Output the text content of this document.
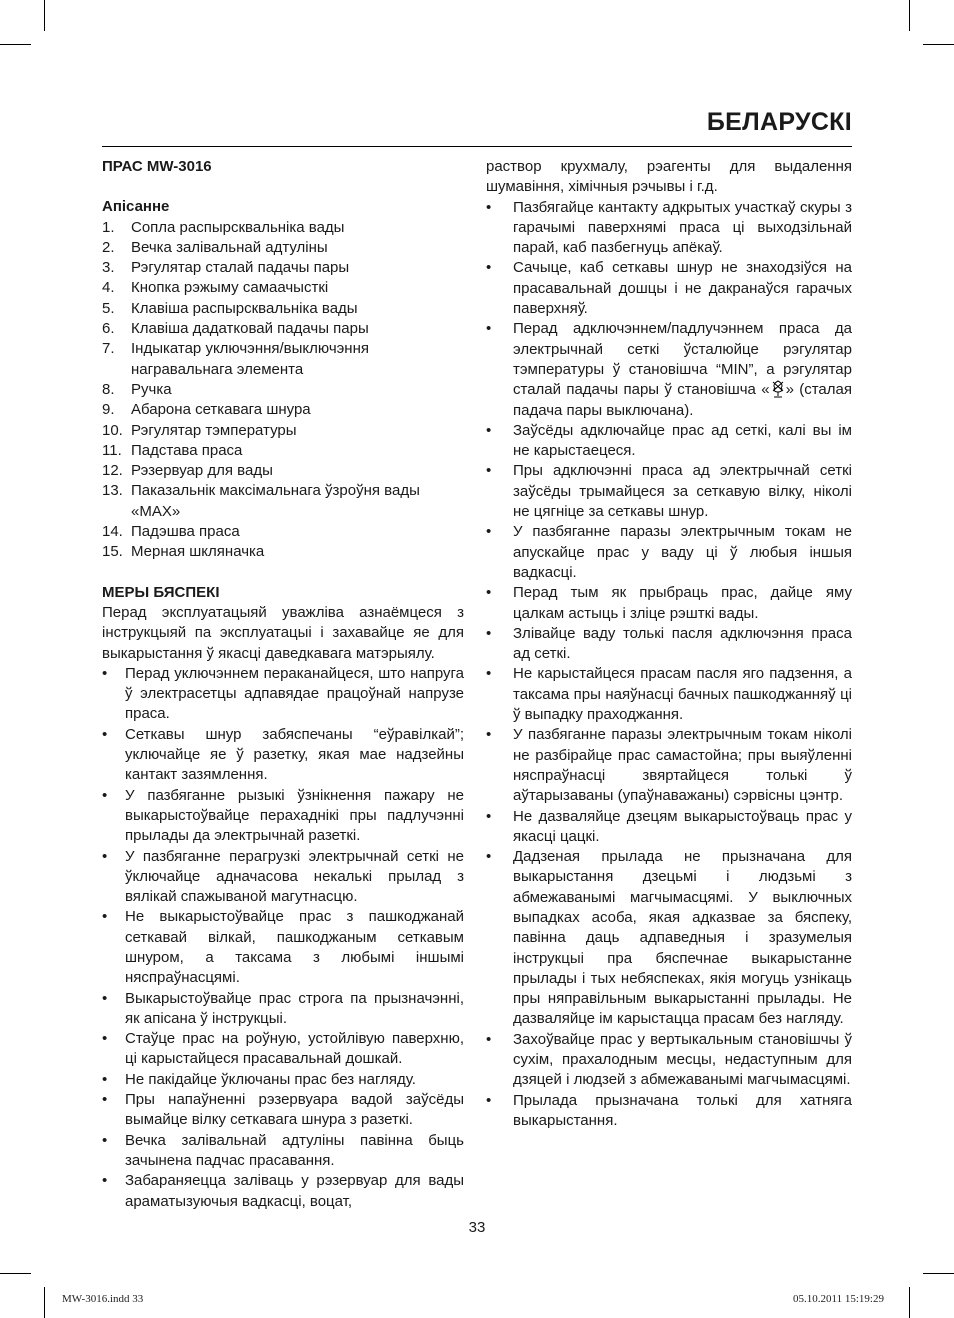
БЕЛАРУСКІ
ПРАС MW-3016
Апісанне
1.	Сопла распырсквальніка вады
2.	Вечка залівальнай адтуліны
3.	Рэгулятар сталай падачы пары
4.	Кнопка рэжыму самаачысткі
5.	Клавіша распырсквальніка вады
6.	Клавіша дадатковай падачы пары
7.	Індыкатар уключэння/выключэння награвальнага элемента
8.	Ручка
9.	Абарона сеткавага шнура
10. Рэгулятар тэмпературы
11. Падстава праса
12. Рэзервуар для вады
13. Паказальнік максімальнага ўзроўня вады «MAX»
14. Падэшва праса
15. Мерная шкляначка
МЕРЫ БЯСПЕКІ
Перад эксплуатацыяй уважліва азнаёмцеся з інструкцыяй па эксплуатацыі і захавайце яе для выкарыстання ў якасці даведкавага матэрыялу.
•	Перад уключэннем пераканайцеся, што напруга ў электрасетцы адпавядае працоўнай напрузе праса.
•	Сеткавы шнур забяспечаны “еўравілкай”; уключайце яе ў разетку, якая мае надзейны кантакт зазямлення.
•	У пазбяганне рызыкі ўзнікнення пажару не выкарыстоўвайце перахаднікі пры падлучэнні прылады да электрычнай разеткі.
•	У пазбяганне перагрузкі электрычнай сеткі не ўключайце адначасова некалькі прылад з вялікай спажываной магутнасцю.
•	Не выкарыстоўвайце прас з пашкоджанай сеткавай вілкай, пашкоджаным сеткавым шнуром, а таксама з любымі іншымі няспраўнасцямі.
•	Выкарыстоўвайце прас строга па прызначэнні, як апісана ў інструкцыі.
•	Стаўце прас на роўную, устойлівую паверхню, ці карыстайцеся прасавальнай дошкай.
•	Не пакідайце ўключаны прас без нагляду.
•	Пры напаўненні рэзервуара вадой заўсёды вымайце вілку сеткавага шнура з разеткі.
•	Вечка залівальнай адтуліны павінна быць зачынена падчас прасавання.
•	Забараняецца заліваць у рэзервуар для вады араматызуючыя вадкасці, воцат,
раствор крухмалу, рэагенты для выдалення шумавіння, хімічныя рэчывы і г.д.
•	Пазбягайце кантакту адкрытых участкаў скуры з гарачымі паверхнямі праса ці выходзільнай парай, каб пазбегнуць апёкаў.
•	Сачыце, каб сеткавы шнур не знаходзіўся на прасавальнай дошцы і не дакранаўся гарачых паверхняў.
•	Перад адключэннем/падлучэннем праса да электрычнай сеткі ўсталюйце рэгулятар тэмпературы ў становішча “MIN”, а рэгулятар сталай падачы пары ў становішча « » (сталая падача пары выключана).
•	Заўсёды адключайце прас ад сеткі, калі вы ім не карыстаецеся.
•	Пры адключэнні праса ад электрычнай сеткі заўсёды трымайцеся за сеткавую вілку, ніколі не цягніце за сеткавы шнур.
•	У пазбяганне паразы электрычным токам не апускайце прас у ваду ці ў любыя іншыя вадкасці.
•	Перад тым як прыбраць прас, дайце яму цалкам астыць і зліце рэшткі вады.
•	Злівайце ваду толькі пасля адключэння праса ад сеткі.
•	Не карыстайцеся прасам пасля яго падзення, а таксама пры наяўнасці бачных пашкоджанняў ці ў выпадку праходжання.
•	У пазбяганне паразы электрычным токам ніколі не разбірайце прас самастойна; пры выяўленні няспраўнасці звяртайцеся толькі ў аўтарызаваны (упаўнаважаны) сэрвісны цэнтр.
•	Не дазваляйце дзецям выкарыстоўваць прас у якасці цацкі.
•	Дадзеная прылада не прызначана для выкарыстання дзецьмі і людзьмі з абмежаванымі магчымасцямі. У выключных выпадках асоба, якая адказвае за бяспеку, павінна даць адпаведныя і зразумелыя інструкцыі пра бяспечнае выкарыстанне прылады і тых небяспеках, якія могуць узнікаць пры няправільным выкарыстанні прылады. Не дазваляйце ім карыстацца прасам без нагляду.
•	Захоўвайце прас у вертыкальным становішчы ў сухім, прахалодным месцы, недаступным для дзяцей і людзей з абмежаванымі магчымасцямі.
•	Прылада прызначана толькі для хатняга выкарыстання.
33
MW-3016.indd 33	05.10.2011 15:19:29
